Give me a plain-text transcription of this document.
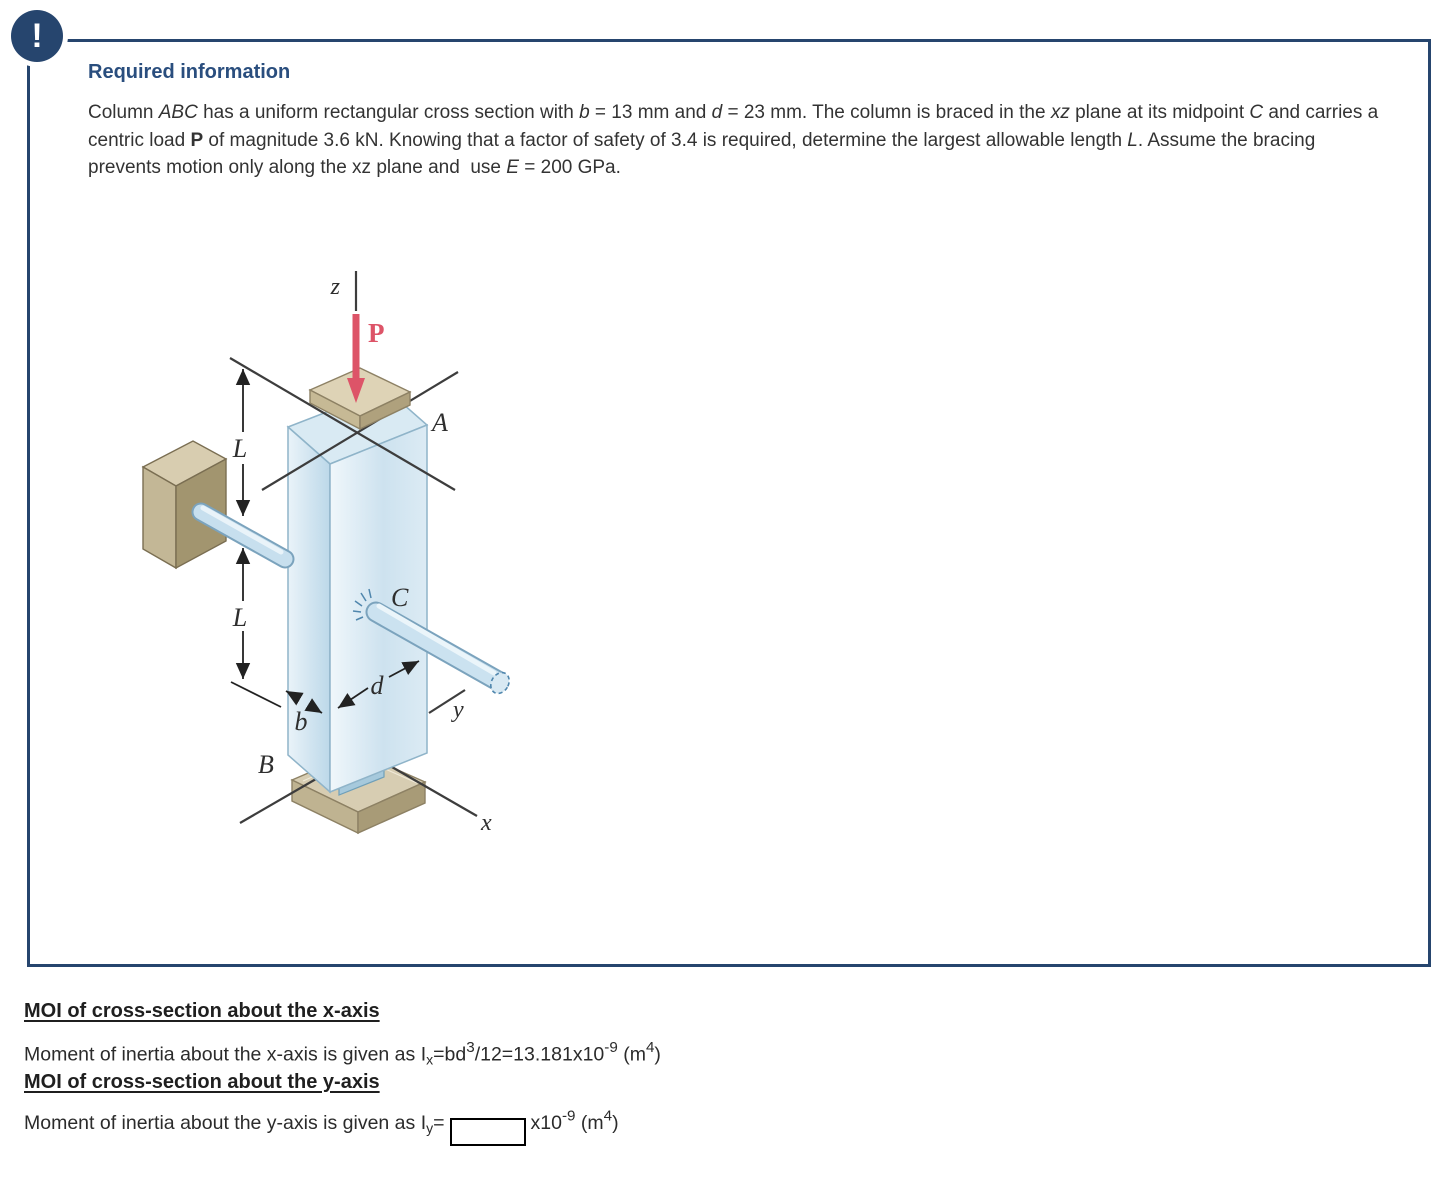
!
Required information

Column ABC has a uniform rectangular cross section with b = 13 mm and d = 23 mm. The column is braced in the xz plane at its midpoint C and carries a centric load P of magnitude 3.6 kN. Knowing that a factor of safety of 3.4 is required, determine the largest allowable length L. Assume the bracing prevents motion only along the xz plane and  use E = 200 GPa.

z
P
L
L
d
b	y
A
B
C
x
MOI of cross-section about the x-axis

Moment of inertia about the x-axis is given as $I_x=bd^3/12=13.181x10^{-9}$ $(m^4)$

MOI of cross-section about the y-axis

Moment of inertia about the y-axis is given as $I_y=$	$x10^{-9}$ $(m^4)$
